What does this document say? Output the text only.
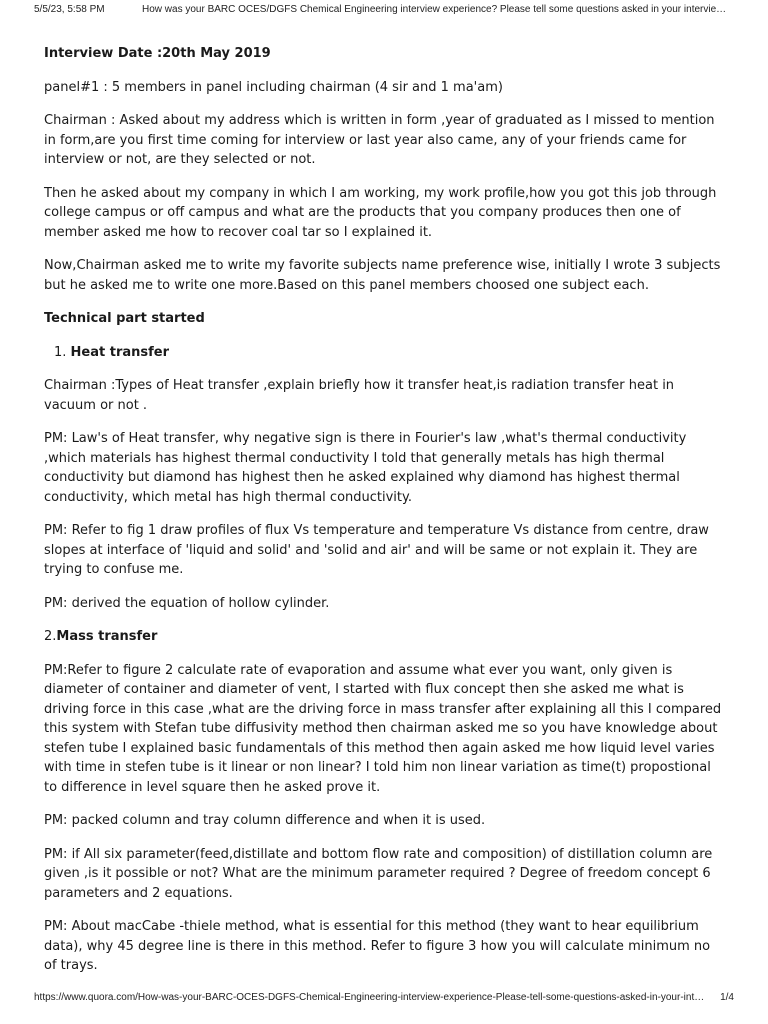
5/5/23, 5:58 PM	How was your BARC OCES/DGFS Chemical Engineering interview experience? Please tell some questions asked in your intervie…

Interview Date :20th May 2019

panel#1 : 5 members in panel including chairman (4 sir and 1 ma'am)

Chairman : Asked about my address which is written in form ,year of graduated as I missed to mention in form,are you first time coming for interview or last year also came, any of your friends came for interview or not, are they selected or not.

Then he asked about my company in which I am working, my work profile,how you got this job through college campus or off campus and what are the products that you company produces then one of member asked me how to recover coal tar so I explained it.

Now,Chairman asked me to write my favorite subjects name preference wise, initially I wrote 3 subjects but he asked me to write one more.Based on this panel members choosed one subject each.

Technical part started

1. Heat transfer

Chairman :Types of Heat transfer ,explain briefly how it transfer heat,is radiation transfer heat in vacuum or not .

PM: Law's of Heat transfer, why negative sign is there in Fourier's law ,what's thermal conductivity ,which materials has highest thermal conductivity I told that generally metals has high thermal conductivity but diamond has highest then he asked explained why diamond has highest thermal conductivity, which metal has high thermal conductivity.

PM: Refer to fig 1 draw profiles of flux Vs temperature and temperature Vs distance from centre, draw slopes at interface of 'liquid and solid' and 'solid and air' and will be same or not explain it. They are trying to confuse me.

PM: derived the equation of hollow cylinder.

2.Mass transfer

PM:Refer to figure 2 calculate rate of evaporation and assume what ever you want, only given is diameter of container and diameter of vent, I started with flux concept then she asked me what is driving force in this case ,what are the driving force in mass transfer after explaining all this I compared this system with Stefan tube diffusivity method then chairman asked me so you have knowledge about stefen tube I explained basic fundamentals of this method then again asked me how liquid level varies with time in stefen tube is it linear or non linear? I told him non linear variation as time(t) propostional to difference in level square then he asked prove it.

PM: packed column and tray column difference and when it is used.

PM: if All six parameter(feed,distillate and bottom flow rate and composition) of distillation column are given ,is it possible or not? What are the minimum parameter required ? Degree of freedom concept 6 parameters and 2 equations.

PM: About macCabe -thiele method, what is essential for this method (they want to hear equilibrium data), why 45 degree line is there in this method. Refer to figure 3 how you will calculate minimum no of trays.

https://www.quora.com/How-was-your-BARC-OCES-DGFS-Chemical-Engineering-interview-experience-Please-tell-some-questions-asked-in-your-int… 1/4
